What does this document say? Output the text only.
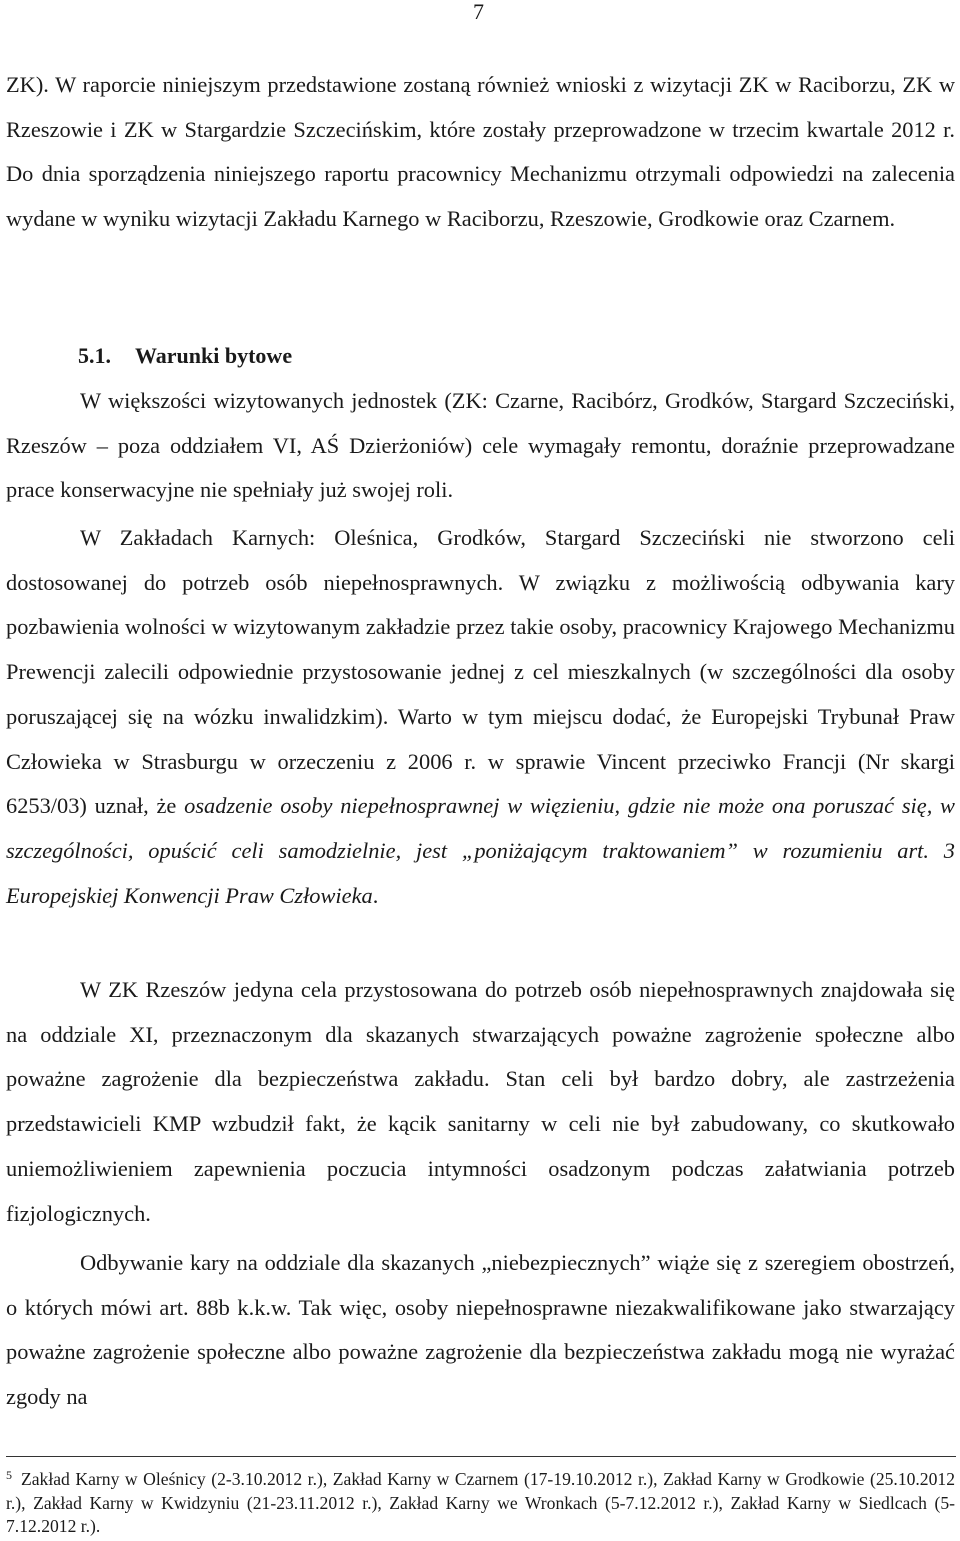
7

ZK). W raporcie niniejszym przedstawione zostaną również wnioski z wizytacji ZK w Raciborzu, ZK w Rzeszowie i ZK w Stargardzie Szczecińskim, które zostały przeprowadzone w trzecim kwartale 2012 r. Do dnia sporządzenia niniejszego raportu pracownicy Mechanizmu otrzymali odpowiedzi na zalecenia wydane w wyniku wizytacji Zakładu Karnego w Raciborzu, Rzeszowie, Grodkowie oraz Czarnem.

5.1. Warunki bytowe

W większości wizytowanych jednostek (ZK: Czarne, Racibórz, Grodków, Stargard Szczeciński, Rzeszów – poza oddziałem VI, AŚ Dzierżoniów) cele wymagały remontu, doraźnie przeprowadzane prace konserwacyjne nie spełniały już swojej roli.

W Zakładach Karnych: Oleśnica, Grodków, Stargard Szczeciński nie stworzono celi dostosowanej do potrzeb osób niepełnosprawnych. W związku z możliwością odbywania kary pozbawienia wolności w wizytowanym zakładzie przez takie osoby, pracownicy Krajowego Mechanizmu Prewencji zalecili odpowiednie przystosowanie jednej z cel mieszkalnych (w szczególności dla osoby poruszającej się na wózku inwalidzkim). Warto w tym miejscu dodać, że Europejski Trybunał Praw Człowieka w Strasburgu w orzeczeniu z 2006 r. w sprawie Vincent przeciwko Francji (Nr skargi 6253/03) uznał, że osadzenie osoby niepełnosprawnej w więzieniu, gdzie nie może ona poruszać się, w szczególności, opuścić celi samodzielnie, jest „poniżającym traktowaniem” w rozumieniu art. 3 Europejskiej Konwencji Praw Człowieka.

W ZK Rzeszów jedyna cela przystosowana do potrzeb osób niepełnosprawnych znajdowała się na oddziale XI, przeznaczonym dla skazanych stwarzających poważne zagrożenie społeczne albo poważne zagrożenie dla bezpieczeństwa zakładu. Stan celi był bardzo dobry, ale zastrzeżenia przedstawicieli KMP wzbudził fakt, że kącik sanitarny w celi nie był zabudowany, co skutkowało uniemożliwieniem zapewnienia poczucia intymności osadzonym podczas załatwiania potrzeb fizjologicznych.

Odbywanie kary na oddziale dla skazanych „niebezpiecznych” wiąże się z szeregiem obostrzeń, o których mówi art. 88b k.k.w. Tak więc, osoby niepełnosprawne niezakwalifikowane jako stwarzający poważne zagrożenie społeczne albo poważne zagrożenie dla bezpieczeństwa zakładu mogą nie wyrażać zgody na

$^5$ Zakład Karny w Oleśnicy (2-3.10.2012 r.), Zakład Karny w Czarnem (17-19.10.2012 r.), Zakład Karny w Grodkowie (25.10.2012 r.), Zakład Karny w Kwidzyniu (21-23.11.2012 r.), Zakład Karny we Wronkach (5-7.12.2012 r.), Zakład Karny w Siedlcach (5-7.12.2012 r.).
